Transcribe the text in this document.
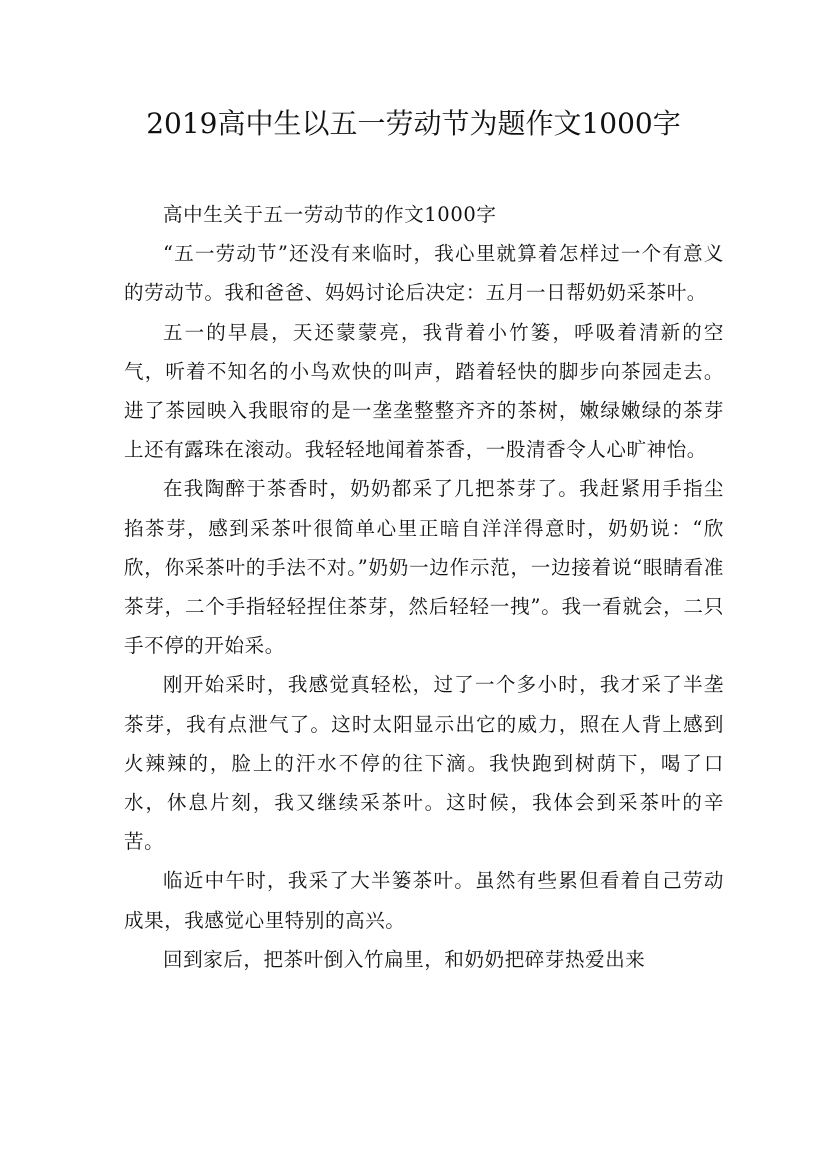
2019高中生以五一劳动节为题作文1000字

高中生关于五一劳动节的作文1000字

“五一劳动节”还没有来临时，我心里就算着怎样过一个有意义的劳动节。我和爸爸、妈妈讨论后决定：五月一日帮奶奶采茶叶。

五一的早晨，天还蒙蒙亮，我背着小竹篓，呼吸着清新的空气，听着不知名的小鸟欢快的叫声，踏着轻快的脚步向茶园走去。进了茶园映入我眼帘的是一垄垄整整齐齐的茶树，嫩绿嫩绿的茶芽上还有露珠在滚动。我轻轻地闻着茶香，一股清香令人心旷神怡。

在我陶醉于茶香时，奶奶都采了几把茶芽了。我赶紧用手指尘掐茶芽，感到采茶叶很简单心里正暗自洋洋得意时，奶奶说：“欣欣，你采茶叶的手法不对。”奶奶一边作示范，一边接着说“眼睛看准茶芽，二个手指轻轻捏住茶芽，然后轻轻一拽”。我一看就会，二只手不停的开始采。

刚开始采时，我感觉真轻松，过了一个多小时，我才采了半垄茶芽，我有点泄气了。这时太阳显示出它的威力，照在人背上感到火辣辣的，脸上的汗水不停的往下滴。我快跑到树荫下，喝了口水，休息片刻，我又继续采茶叶。这时候，我体会到采茶叶的辛苦。

临近中午时，我采了大半篓茶叶。虽然有些累但看着自己劳动成果，我感觉心里特别的高兴。

回到家后，把茶叶倒入竹扁里，和奶奶把碎芽热爱出来
